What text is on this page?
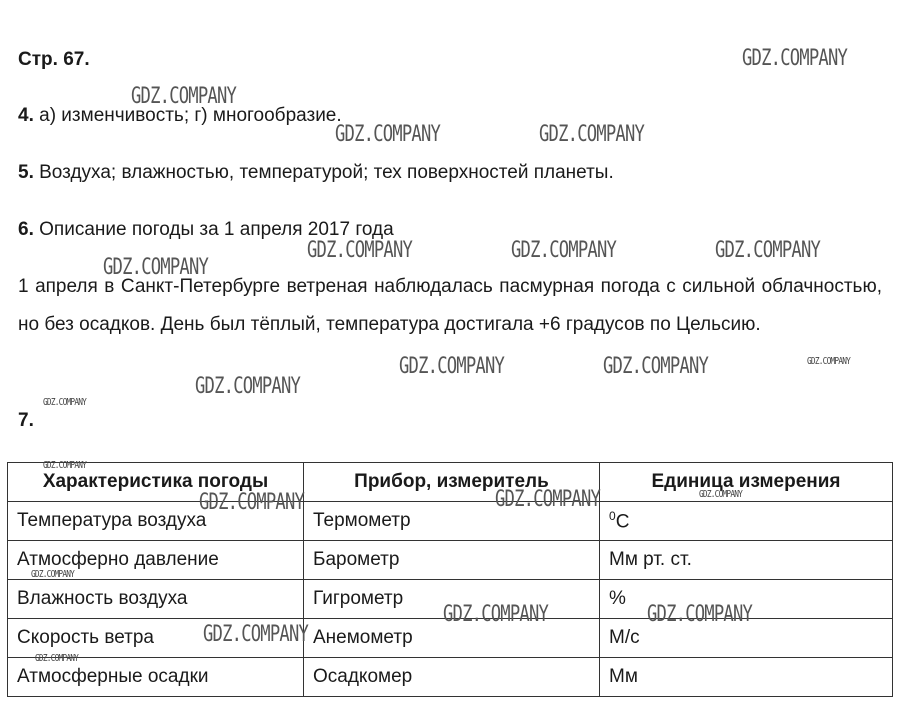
Стр. 67.
4. а) изменчивость; г) многообразие.
5. Воздуха; влажностью, температурой; тех поверхностей планеты.
6. Описание погоды за 1 апреля 2017 года
1 апреля в Санкт-Петербурге ветреная наблюдалась пасмурная погода с сильной облачностью, но без осадков. День был тёплый, температура достигала +6 градусов по Цельсию.
7.
Характеристика погоды	Прибор, измеритель	Единица измерения
Температура воздуха	Термометр	$^0$C
Атмосферно давление	Барометр	Мм рт. ст.
Влажность воздуха	Гигрометр	%
Скорость ветра	Анемометр	М/с
Атмосферные осадки	Осадкомер	Мм
GDZ.COMPANY
GDZ.COMPANY
GDZ.COMPANY	GDZ.COMPANY
GDZ.COMPANY	GDZ.COMPANY	GDZ.COMPANY
GDZ.COMPANY
GDZ.COMPANY	GDZ.COMPANY	GDZ.COMPANY
GDZ.COMPANY
GDZ.COMPANY
GDZ.COMPANY
GDZ.COMPANY	GDZ.COMPANY	GDZ.COMPANY
GDZ.COMPANY
GDZ.COMPANY	GDZ.COMPANY
GDZ.COMPANY
GDZ.COMPANY
